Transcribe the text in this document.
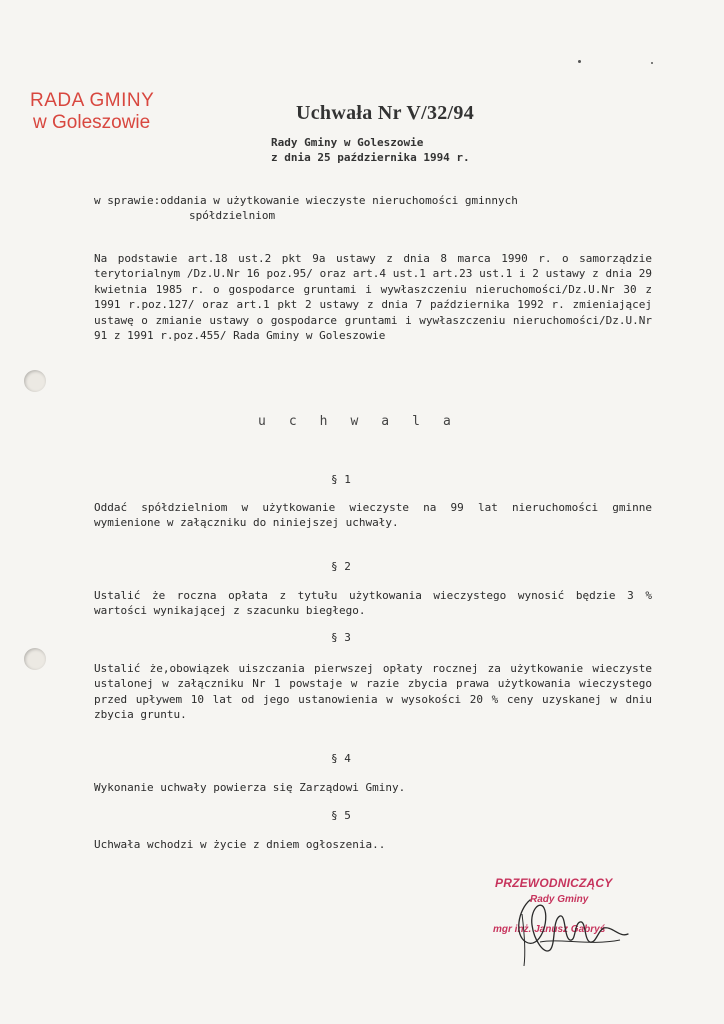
RADA GMINY
w Goleszowie	Uchwała Nr V/32/94
Rady Gminy w Goleszowie
z dnia 25 października 1994 r.
w sprawie:oddania w użytkowanie wieczyste nieruchomości gminnych
spółdzielniom
Na podstawie art.18 ust.2 pkt 9a ustawy z dnia 8 marca 1990 r. o samorządzie terytorialnym /Dz.U.Nr 16 poz.95/ oraz art.4 ust.1 art.23 ust.1 i 2 ustawy z dnia 29 kwietnia 1985 r. o gospodarce gruntami i wywłaszczeniu nieruchomości/Dz.U.Nr 30 z 1991 r.poz.127/ oraz art.1 pkt 2 ustawy z dnia 7 października 1992 r. zmieniającej ustawę o zmianie ustawy o gospodarce gruntami i wywłaszczeniu nieruchomości/Dz.U.Nr 91 z 1991 r.poz.455/ Rada Gminy w Goleszowie
uchwala
§ 1
Oddać spółdzielniom w użytkowanie wieczyste na 99 lat nieruchomości gminne wymienione w załączniku do niniejszej uchwały.
§ 2
Ustalić że roczna opłata z tytułu użytkowania wieczystego wynosić będzie 3 % wartości wynikającej z szacunku biegłego.
§ 3
Ustalić że,obowiązek uiszczania pierwszej opłaty rocznej za użytkowanie wieczyste ustalonej w załączniku Nr 1 powstaje w razie zbycia prawa użytkowania wieczystego przed upływem 10 lat od jego ustanowienia w wysokości 20 % ceny uzyskanej w dniu zbycia gruntu.
§ 4
Wykonanie uchwały powierza się Zarządowi Gminy.
§ 5
Uchwała wchodzi w życie z dniem ogłoszenia..
PRZEWODNICZĄCY
Rady Gminy
mgr inż. Janusz Gabryś
